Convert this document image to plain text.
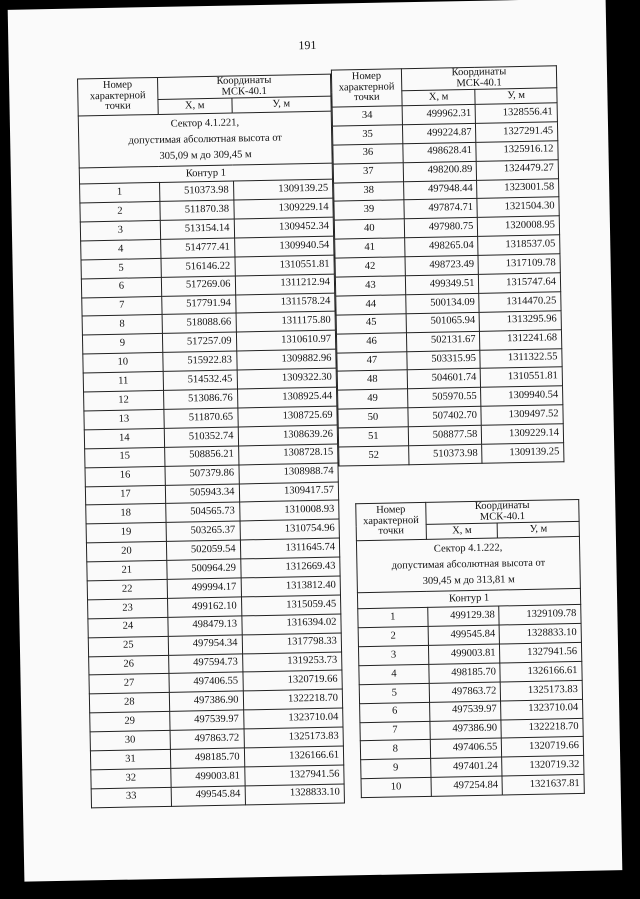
191
Номер характерной точки	Координаты
МСК-40.1	
	X, м	У, м
Сектор 4.1.221,
допустимая абсолютная высота от
305,09 м до 309,45 м		
Контур 1		
1	510373.98	1309139.25
2	511870.38	1309229.14
3	513154.14	1309452.34
4	514777.41	1309940.54
5	516146.22	1310551.81
6	517269.06	1311212.94
7	517791.94	1311578.24
8	518088.66	1311175.80
9	517257.09	1310610.97
10	515922.83	1309882.96
11	514532.45	1309322.30
12	513086.76	1308925.44
13	511870.65	1308725.69
14	510352.74	1308639.26
15	508856.21	1308728.15
16	507379.86	1308988.74
17	505943.34	1309417.57
18	504565.73	1310008.93
19	503265.37	1310754.96
20	502059.54	1311645.74
21	500964.29	1312669.43
22	499994.17	1313812.40
23	499162.10	1315059.45
24	498479.13	1316394.02
25	497954.34	1317798.33
26	497594.73	1319253.73
27	497406.55	1320719.66
28	497386.90	1322218.70
29	497539.97	1323710.04
30	497863.72	1325173.83
31	498185.70	1326166.61
32	499003.81	1327941.56
33	499545.84	1328833.10
Номер характерной точки	Координаты
МСК-40.1	
	X, м	У, м
34	499962.31	1328556.41
35	499224.87	1327291.45
36	498628.41	1325916.12
37	498200.89	1324479.27
38	497948.44	1323001.58
39	497874.71	1321504.30
40	497980.75	1320008.95
41	498265.04	1318537.05
42	498723.49	1317109.78
43	499349.51	1315747.64
44	500134.09	1314470.25
45	501065.94	1313295.96
46	502131.67	1312241.68
47	503315.95	1311322.55
48	504601.74	1310551.81
49	505970.55	1309940.54
50	507402.70	1309497.52
51	508877.58	1309229.14
52	510373.98	1309139.25
Номер характерной точки	Координаты
МСК-40.1	
	X, м	У, м
Сектор 4.1.222,
допустимая абсолютная высота от
309,45 м до 313,81 м		
Контур 1		
1	499129.38	1329109.78
2	499545.84	1328833.10
3	499003.81	1327941.56
4	498185.70	1326166.61
5	497863.72	1325173.83
6	497539.97	1323710.04
7	497386.90	1322218.70
8	497406.55	1320719.66
9	497401.24	1320719.32
10	497254.84	1321637.81
